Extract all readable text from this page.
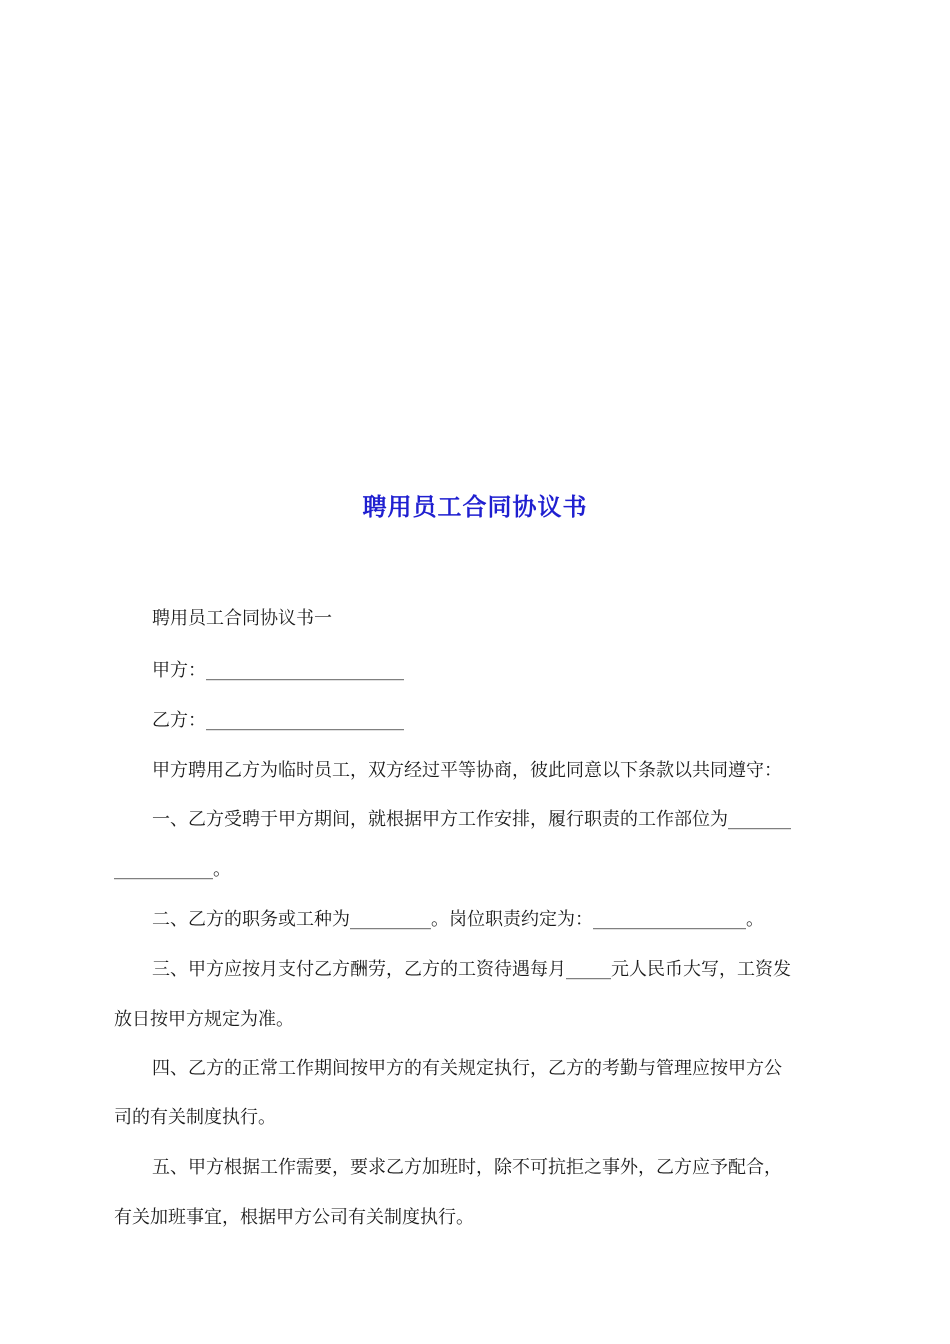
聘用员工合同协议书
聘用员工合同协议书一
甲方：______________________
乙方：______________________
甲方聘用乙方为临时员工，双方经过平等协商，彼此同意以下条款以共同遵守：
一、乙方受聘于甲方期间，就根据甲方工作安排，履行职责的工作部位为_______
___________。
二、乙方的职务或工种为_________。岗位职责约定为：_________________。
三、甲方应按月支付乙方酬劳，乙方的工资待遇每月_____元人民币大写，工资发
放日按甲方规定为准。
四、乙方的正常工作期间按甲方的有关规定执行，乙方的考勤与管理应按甲方公
司的有关制度执行。
五、甲方根据工作需要，要求乙方加班时，除不可抗拒之事外，乙方应予配合，
有关加班事宜，根据甲方公司有关制度执行。
